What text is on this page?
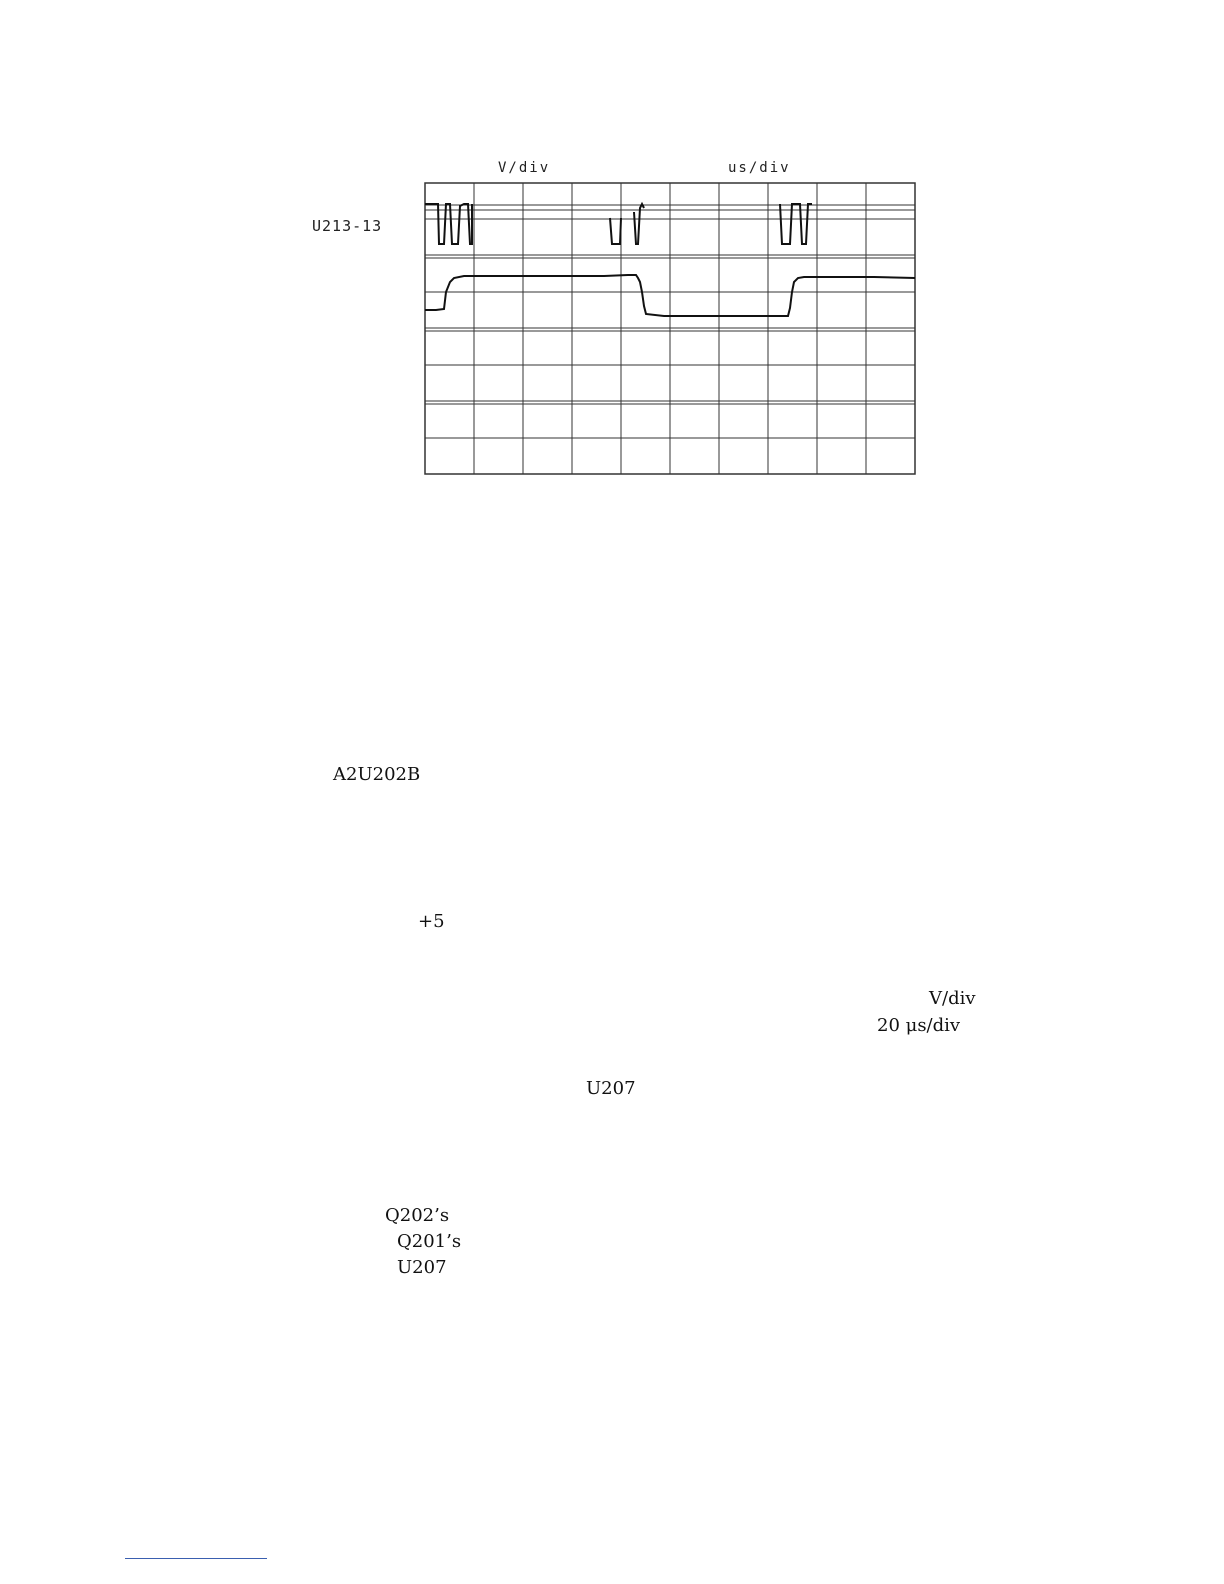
V/div	us/div
U213-13
A2U202B
+5
V/div
20 μs/div
U207
Q202’s
Q201’s
U207
